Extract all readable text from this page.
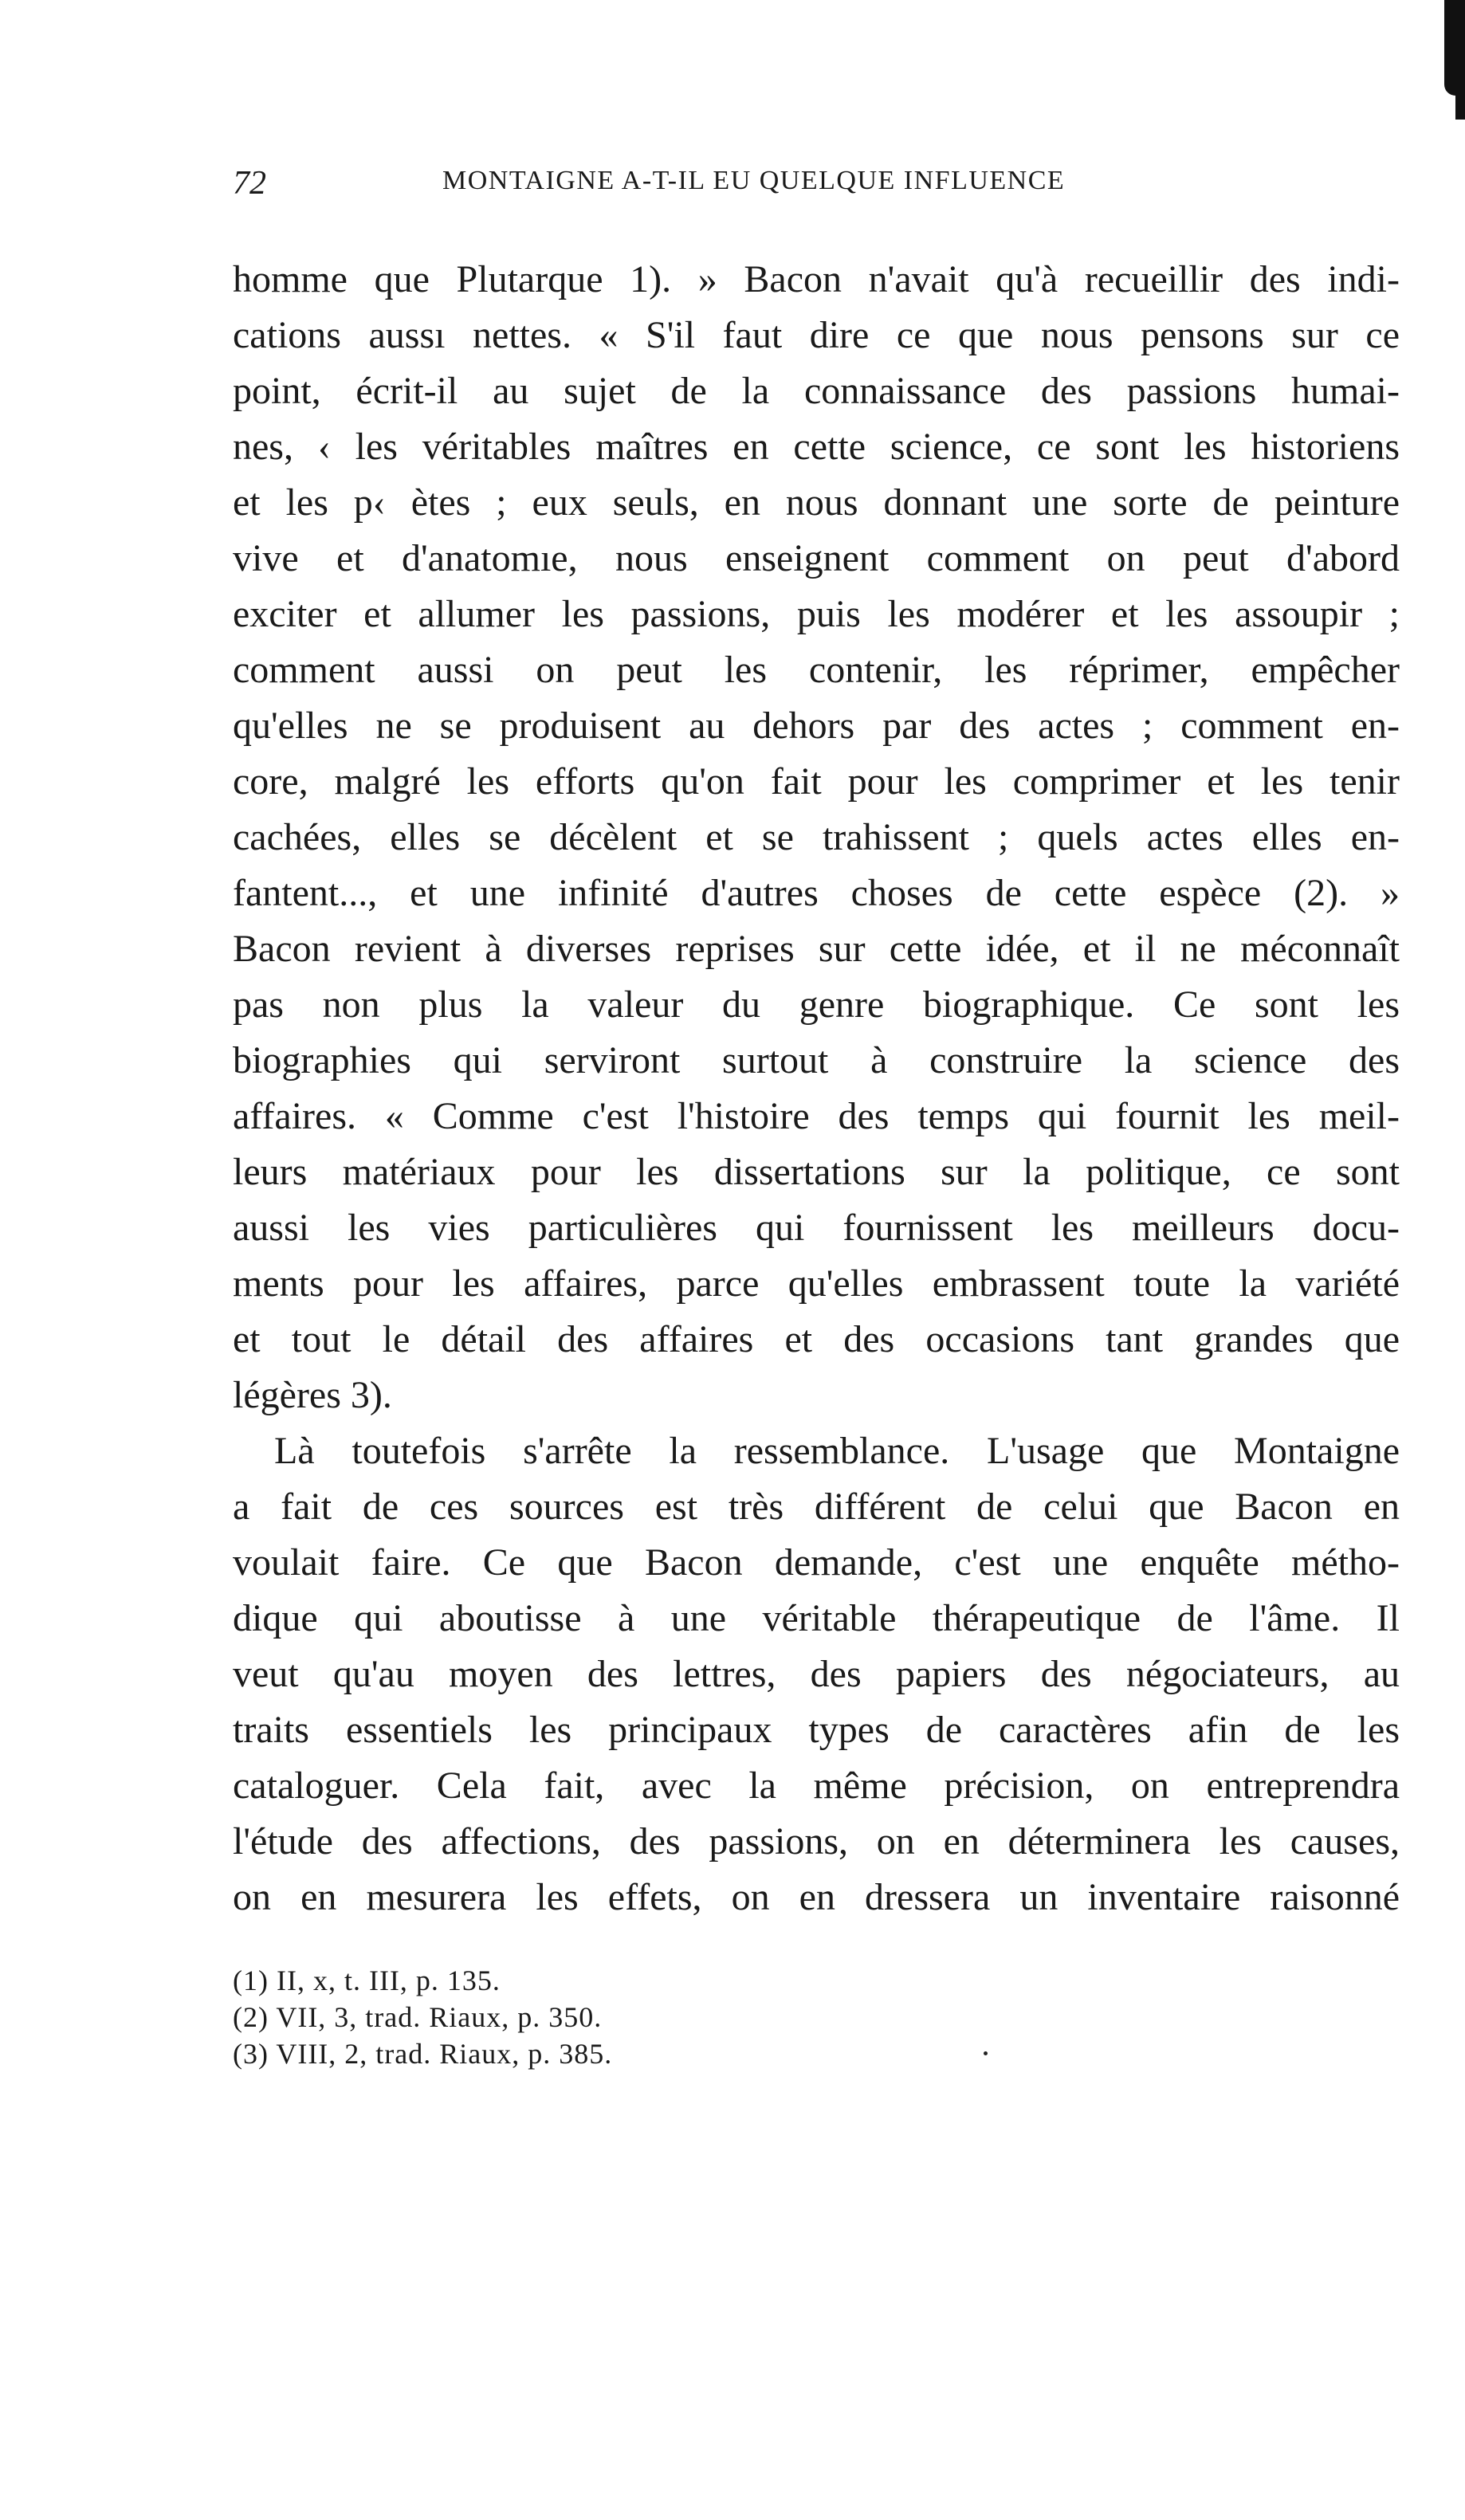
72	MONTAIGNE A-T-IL EU QUELQUE INFLUENCE
homme que Plutarque 1). » Bacon n'avait qu'à recueillir des indi-
cations aussı nettes. « S'il faut dire ce que nous pensons sur ce
point, écrit-il au sujet de la connaissance des passions humai-
nes, ‹ les véritables maîtres en cette science, ce sont les historiens
et les p‹ ètes ; eux seuls, en nous donnant une sorte de peinture
vive et d'anatomıe, nous enseignent comment on peut d'abord
exciter et allumer les passions, puis les modérer et les assoupir ;
comment aussi on peut les contenir, les réprimer, empêcher
qu'elles ne se produisent au dehors par des actes ; comment en-
core, malgré les efforts qu'on fait pour les comprimer et les tenir
cachées, elles se décèlent et se trahissent ; quels actes elles en-
fantent..., et une infinité d'autres choses de cette espèce (2). »
Bacon revient à diverses reprises sur cette idée, et il ne méconnaît
pas non plus la valeur du genre biographique. Ce sont les
biographies qui serviront surtout à construire la science des
affaires. « Comme c'est l'histoire des temps qui fournit les meil-
leurs matériaux pour les dissertations sur la politique, ce sont
aussi les vies particulières qui fournissent les meilleurs docu-
ments pour les affaires, parce qu'elles embrassent toute la variété
et tout le détail des affaires et des occasions tant grandes que
légères 3).
Là toutefois s'arrête la ressemblance. L'usage que Montaigne
a fait de ces sources est très différent de celui que Bacon en
voulait faire. Ce que Bacon demande, c'est une enquête métho-
dique qui aboutisse à une véritable thérapeutique de l'âme. Il
veut qu'au moyen des lettres, des papiers des négociateurs, au
traits essentiels les principaux types de caractères afin de les
cataloguer. Cela fait, avec la même précision, on entreprendra
l'étude des affections, des passions, on en déterminera les causes,
on en mesurera les effets, on en dressera un inventaire raisonné
(1) II, x, t. III, p. 135.
(2) VII, 3, trad. Riaux, p. 350.
(3) VIII, 2, trad. Riaux, p. 385.
